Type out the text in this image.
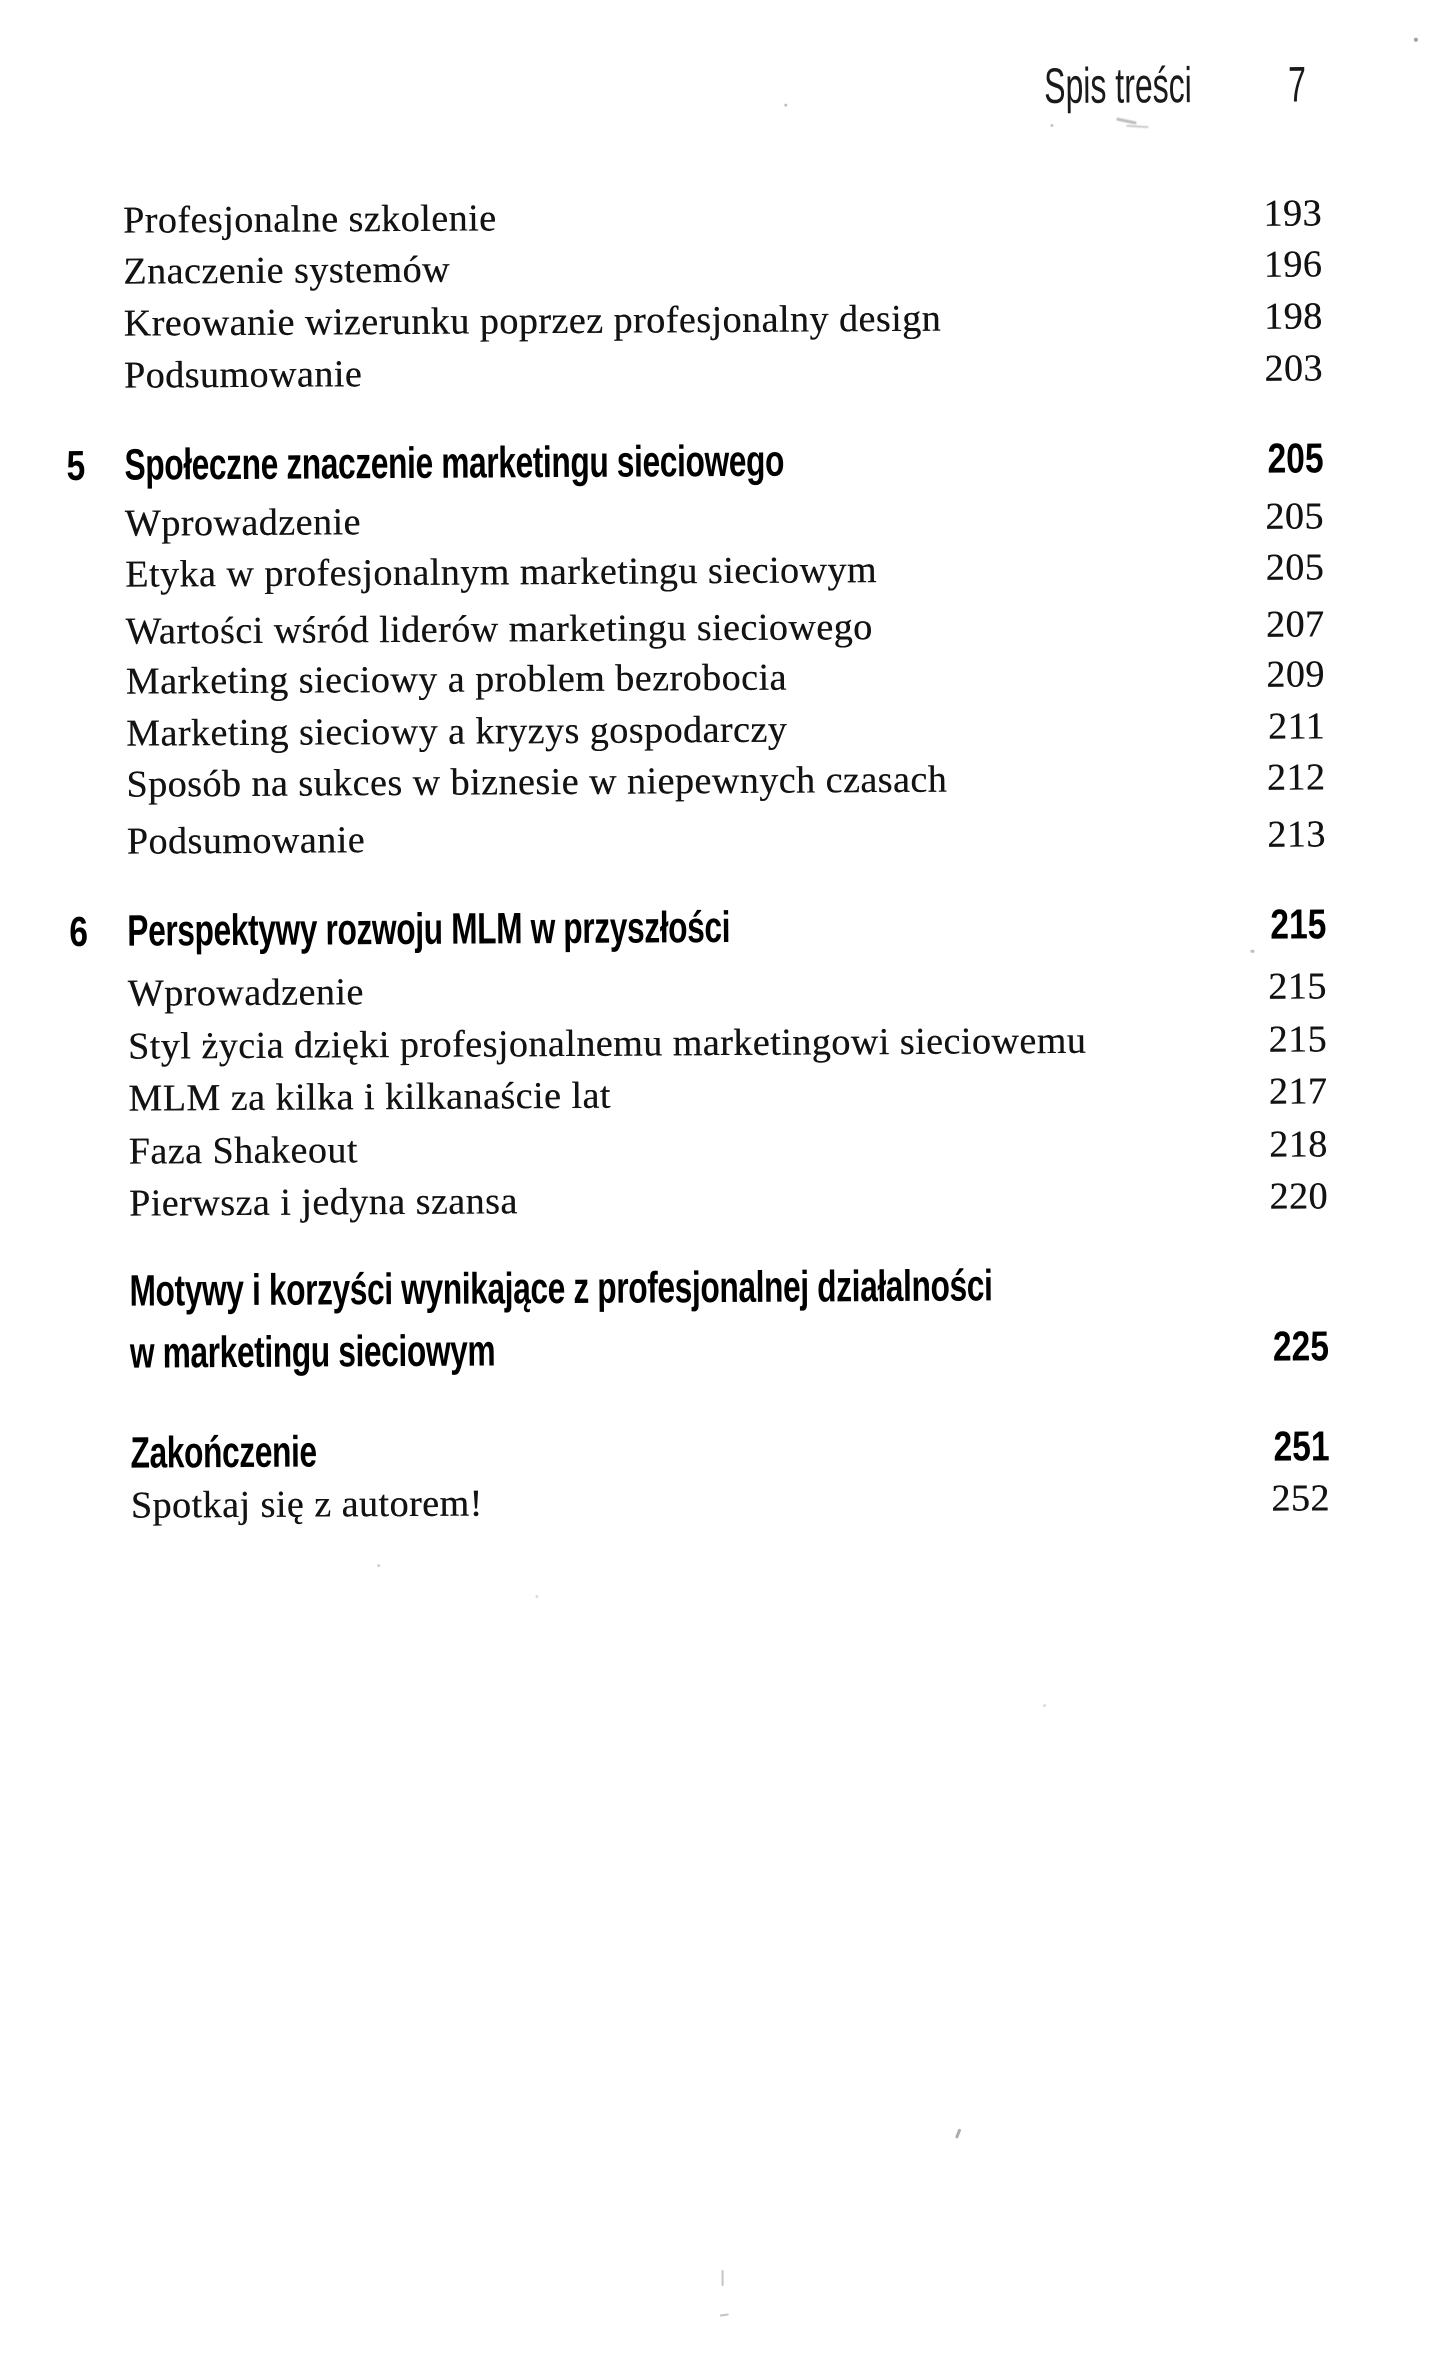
Spis treści 7
Profesjonalne szkolenie	193
Znaczenie systemów	196
Kreowanie wizerunku poprzez profesjonalny design	198
Podsumowanie	203
5 Społeczne znaczenie marketingu sieciowego	205
Wprowadzenie	205
Etyka w profesjonalnym marketingu sieciowym	205
Wartości wśród liderów marketingu sieciowego	207
Marketing sieciowy a problem bezrobocia	209
Marketing sieciowy a kryzys gospodarczy	211
Sposób na sukces w biznesie w niepewnych czasach	212
Podsumowanie	213
6 Perspektywy rozwoju MLM w przyszłości	215
Wprowadzenie	215
Styl życia dzięki profesjonalnemu marketingowi sieciowemu	215
MLM za kilka i kilkanaście lat	217
Faza Shakeout	218
Pierwsza i jedyna szansa	220
Motywy i korzyści wynikające z profesjonalnej działalności
w marketingu sieciowym	225
Zakończenie	251
Spotkaj się z autorem!	252
